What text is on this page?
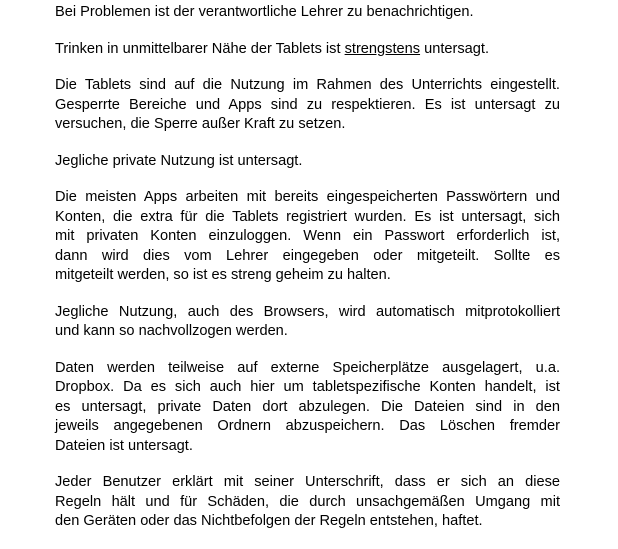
Bei Problemen ist der verantwortliche Lehrer zu benachrichtigen.

Trinken in unmittelbarer Nähe der Tablets ist strengstens untersagt.

Die Tablets sind auf die Nutzung im Rahmen des Unterrichts eingestellt.
Gesperrte Bereiche und Apps sind zu respektieren. Es ist untersagt zu
versuchen, die Sperre außer Kraft zu setzen.

Jegliche private Nutzung ist untersagt.

Die meisten Apps arbeiten mit bereits eingespeicherten Passwörtern und
Konten, die extra für die Tablets registriert wurden. Es ist untersagt, sich
mit privaten Konten einzuloggen. Wenn ein Passwort erforderlich ist,
dann wird dies vom Lehrer eingegeben oder mitgeteilt. Sollte es
mitgeteilt werden, so ist es streng geheim zu halten.

Jegliche Nutzung, auch des Browsers, wird automatisch mitprotokolliert
und kann so nachvollzogen werden.

Daten werden teilweise auf externe Speicherplätze ausgelagert, u.a.
Dropbox. Da es sich auch hier um tabletspezifische Konten handelt, ist
es untersagt, private Daten dort abzulegen. Die Dateien sind in den
jeweils angegebenen Ordnern abzuspeichern. Das Löschen fremder
Dateien ist untersagt.

Jeder Benutzer erklärt mit seiner Unterschrift, dass er sich an diese
Regeln hält und für Schäden, die durch unsachgemäßen Umgang mit
den Geräten oder das Nichtbefolgen der Regeln entstehen, haftet.
